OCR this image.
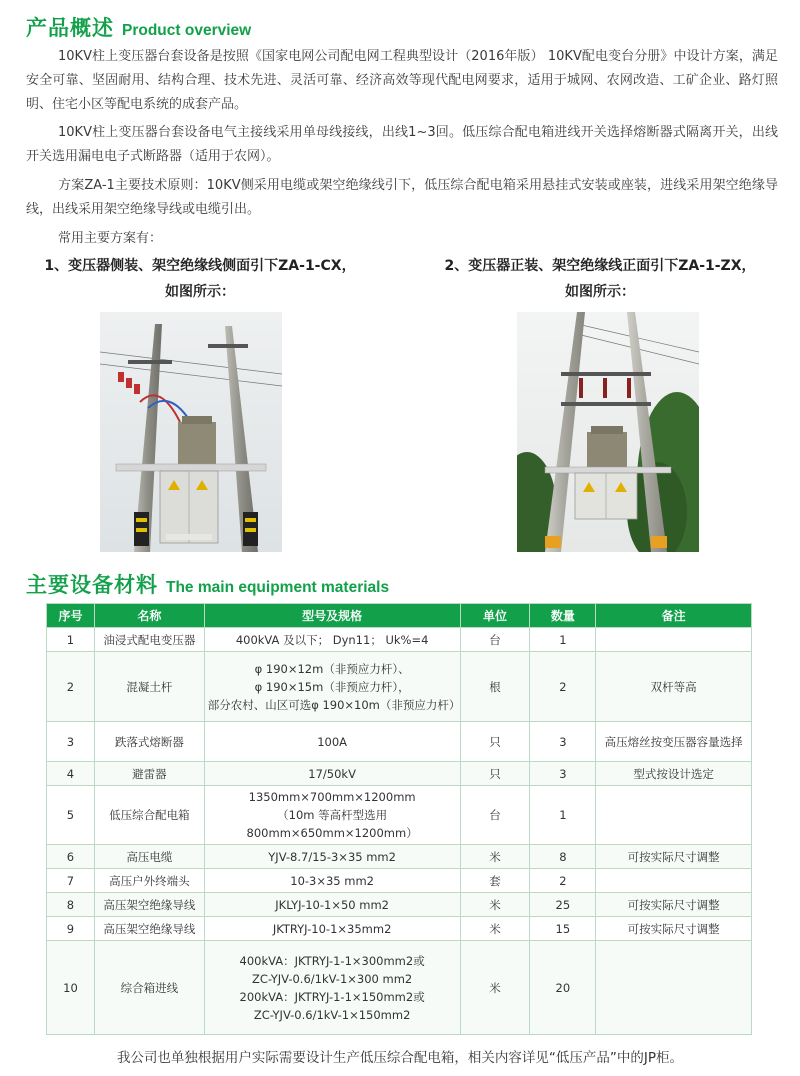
产品概述 Product overview

10KV柱上变压器台套设备是按照《国家电网公司配电网工程典型设计（2016年版） 10KV配电变台分册》中设计方案，满足安全可靠、坚固耐用、结构合理、技术先进、灵活可靠、经济高效等现代配电网要求，适用于城网、农网改造、工矿企业、路灯照明、住宅小区等配电系统的成套产品。

10KV柱上变压器台套设备电气主接线采用单母线接线，出线1~3回。低压综合配电箱进线开关选择熔断器式隔离开关，出线开关选用漏电电子式断路器（适用于农网）。

方案ZA-1主要技术原则：10KV侧采用电缆或架空绝缘线引下，低压综合配电箱采用悬挂式安装或座装，进线采用架空绝缘导线，出线采用架空绝缘导线或电缆引出。

常用主要方案有：

1、变压器侧装、架空绝缘线侧面引下ZA-1-CX，
如图所示：
2、变压器正装、架空绝缘线正面引下ZA-1-ZX，
如图所示：
主要设备材料 The main equipment materials
序号	名称	型号及规格	单位	数量	备注
1	油浸式配电变压器	400kVA 及以下； Dyn11； Uk%=4	台	1	
2	混凝土杆	φ 190×12m（非预应力杆）、
φ 190×15m（非预应力杆），
部分农村、山区可选φ 190×10m（非预应力杆）	根	2	双杆等高
3	跌落式熔断器	100A	只	3	高压熔丝按变压器容量选择
4	避雷器	17/50kV	只	3	型式按设计选定
5	低压综合配电箱	1350mm×700mm×1200mm
（10m 等高杆型选用 800mm×650mm×1200mm）	台	1	
6	高压电缆	YJV-8.7/15-3×35 mm2	米	8	可按实际尺寸调整
7	高压户外终端头	10-3×35 mm2	套	2	
8	高压架空绝缘导线	JKLYJ-10-1×50 mm2	米	25	可按实际尺寸调整
9	高压架空绝缘导线	JKTRYJ-10-1×35mm2	米	15	可按实际尺寸调整
10	综合箱进线	400kVA：JKTRYJ-1-1×300mm2或
ZC-YJV-0.6/1kV-1×300 mm2
200kVA：JKTRYJ-1-1×150mm2或
ZC-YJV-0.6/1kV-1×150mm2	米	20	

我公司也单独根据用户实际需要设计生产低压综合配电箱，相关内容详见“低压产品”中的JP柜。
